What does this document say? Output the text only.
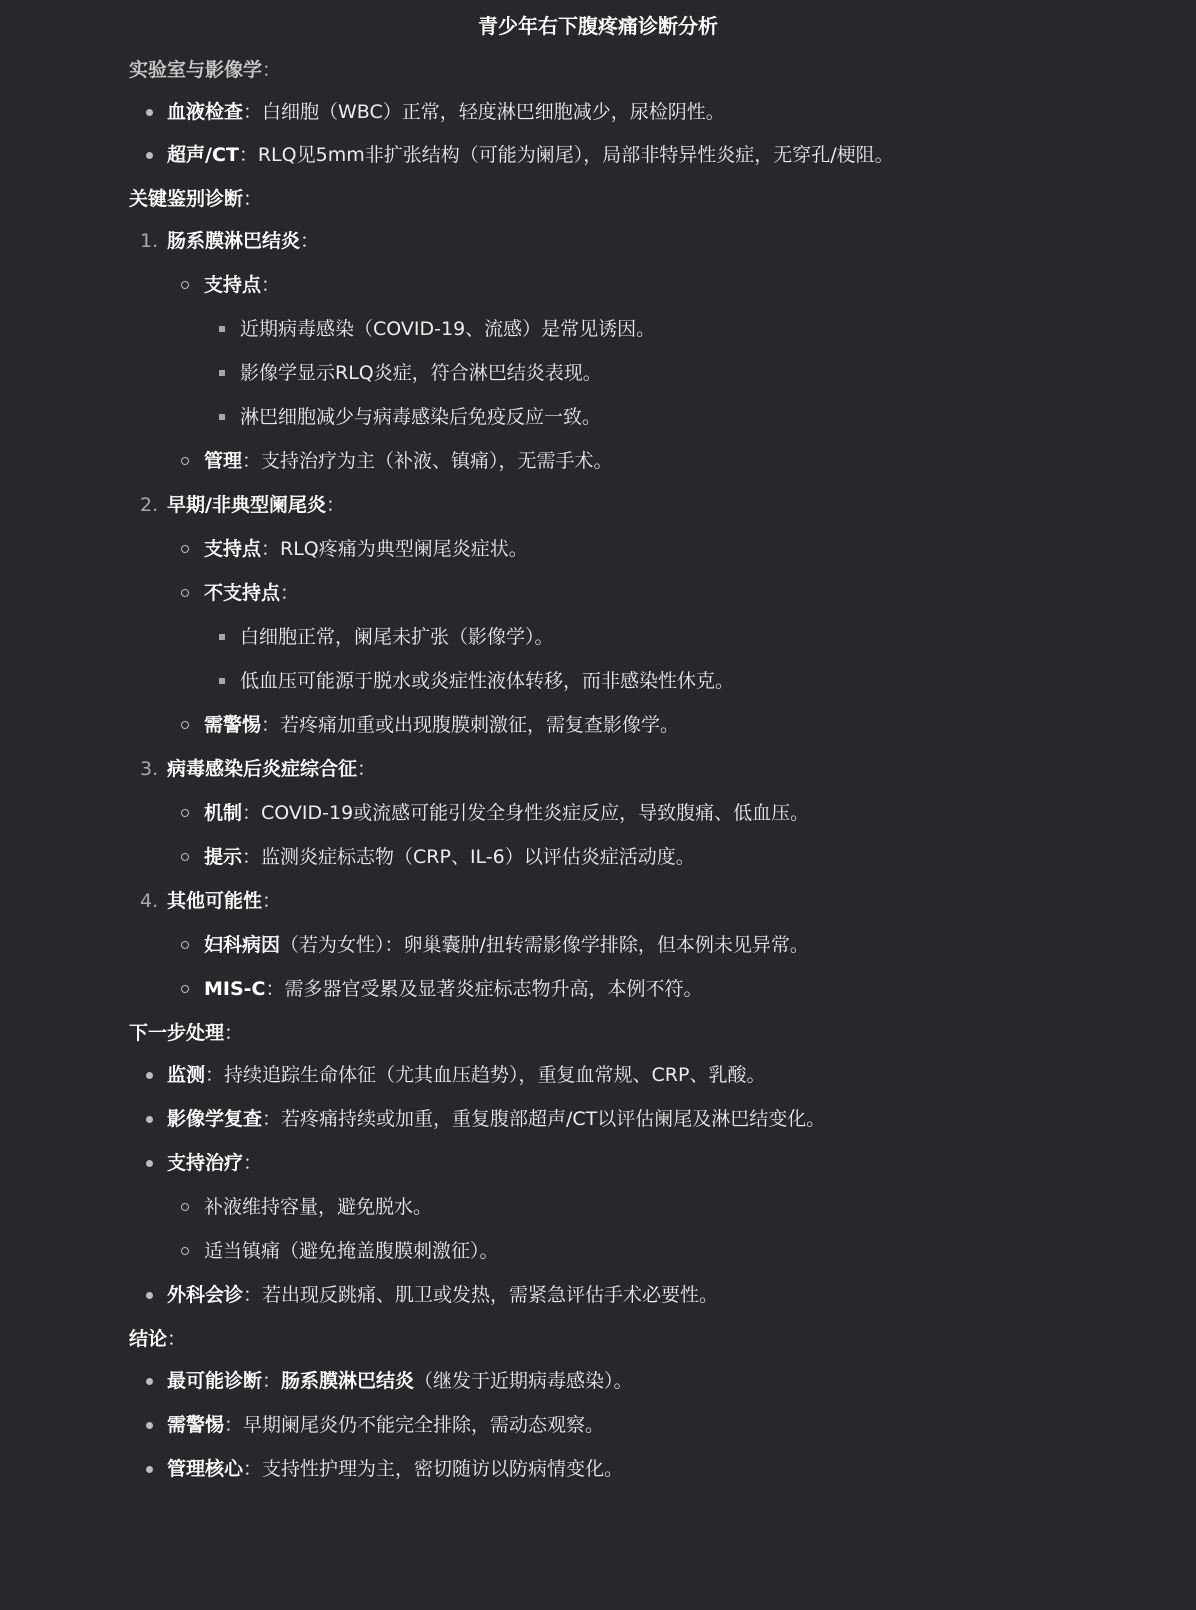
青少年右下腹疼痛诊断分析
实验室与影像学：
血液检查：白细胞（WBC）正常，轻度淋巴细胞减少，尿检阴性。
超声/CT：RLQ见5mm非扩张结构（可能为阑尾），局部非特异性炎症，无穿孔/梗阻。
关键鉴别诊断：
1. 肠系膜淋巴结炎：
支持点：
近期病毒感染（COVID-19、流感）是常见诱因。
影像学显示RLQ炎症，符合淋巴结炎表现。
淋巴细胞减少与病毒感染后免疫反应一致。
管理：支持治疗为主（补液、镇痛），无需手术。
2. 早期/非典型阑尾炎：
支持点：RLQ疼痛为典型阑尾炎症状。
不支持点：
白细胞正常，阑尾未扩张（影像学）。
低血压可能源于脱水或炎症性液体转移，而非感染性休克。
需警惕：若疼痛加重或出现腹膜刺激征，需复查影像学。
3. 病毒感染后炎症综合征：
机制：COVID-19或流感可能引发全身性炎症反应，导致腹痛、低血压。
提示：监测炎症标志物（CRP、IL-6）以评估炎症活动度。
4. 其他可能性：
妇科病因（若为女性）：卵巢囊肿/扭转需影像学排除，但本例未见异常。
MIS-C：需多器官受累及显著炎症标志物升高，本例不符。
下一步处理：
监测：持续追踪生命体征（尤其血压趋势），重复血常规、CRP、乳酸。
影像学复查：若疼痛持续或加重，重复腹部超声/CT以评估阑尾及淋巴结变化。
支持治疗：
补液维持容量，避免脱水。
适当镇痛（避免掩盖腹膜刺激征）。
外科会诊：若出现反跳痛、肌卫或发热，需紧急评估手术必要性。
结论：
最可能诊断：肠系膜淋巴结炎（继发于近期病毒感染）。
需警惕：早期阑尾炎仍不能完全排除，需动态观察。
管理核心：支持性护理为主，密切随访以防病情变化。
